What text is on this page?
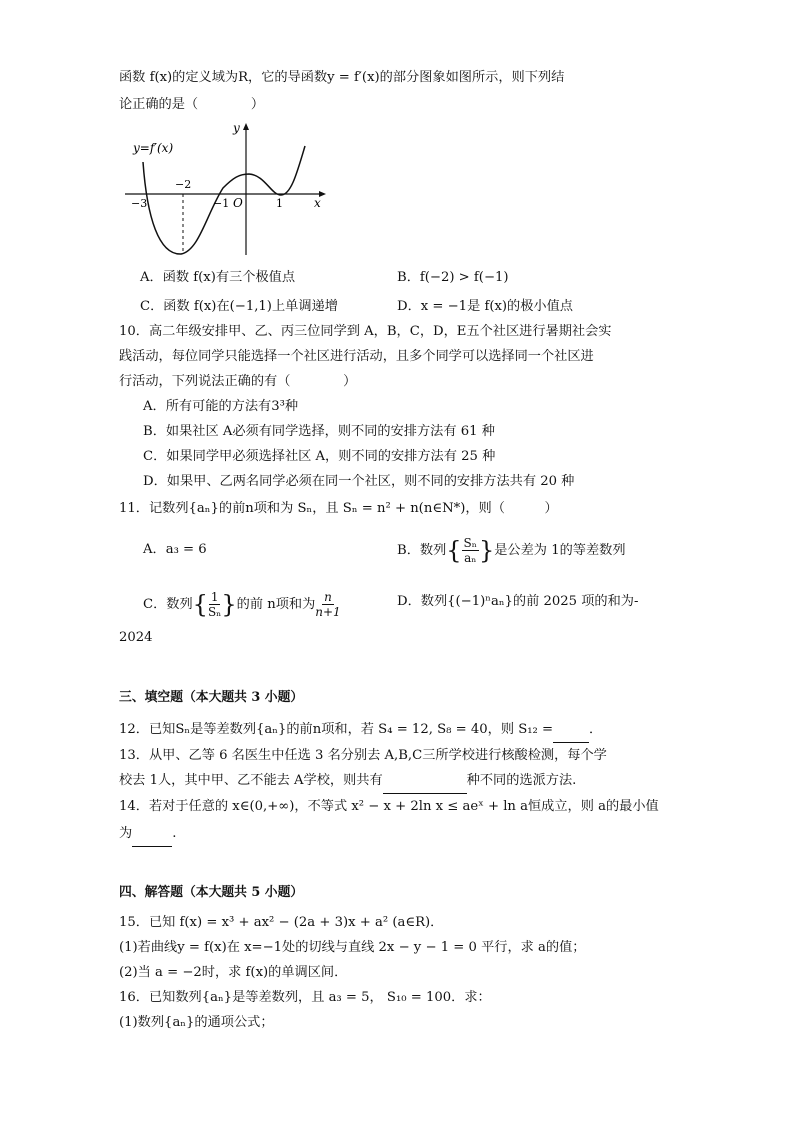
函数 f(x)的定义域为R，它的导函数y = f′(x)的部分图象如图所示，则下列结
论正确的是（　　　　）
y=f′(x)
y
x
O
−3
−2
−1	1
A．函数 f(x)有三个极值点	B．f(−2) > f(−1)
C．函数 f(x)在(−1,1)上单调递增	D．x = −1是 f(x)的极小值点
10．高二年级安排甲、乙、丙三位同学到 A，B，C，D，E五个社区进行暑期社会实
践活动，每位同学只能选择一个社区进行活动，且多个同学可以选择同一个社区进
行活动，下列说法正确的有（　　　　）
A．所有可能的方法有3³种
B．如果社区 A必须有同学选择，则不同的安排方法有 61 种
C．如果同学甲必须选择社区 A，则不同的安排方法有 25 种
D．如果甲、乙两名同学必须在同一个社区，则不同的安排方法共有 20 种
11．记数列{aₙ}的前n项和为 Sₙ，且 Sₙ = n² + n(n∈N*)，则（　　　）
A．a₃ = 6	B．数列{ $\frac{\text{Sₙ}}{\text{aₙ}}$ }是公差为 1的等差数列
C．数列{ $\frac{1}{\text{Sₙ}}$ }的前 n项和为 $\frac{n}{n+1}$	D．数列{(−1)ⁿaₙ}的前 2025 项的和为-
2024
三、填空题（本大题共 3 小题）
12．已知Sₙ是等差数列{aₙ}的前n项和，若 S₄ = 12, S₈ = 40，则 S₁₂ =	．
13．从甲、乙等 6 名医生中任选 3 名分别去 A,B,C三所学校进行核酸检测，每个学
校去 1人，其中甲、乙不能去 A学校，则共有	种不同的选派方法.
14．若对于任意的 x∈(0,+∞)，不等式 x² − x + 2ln x ≤ aeˣ + ln a恒成立，则 a的最小值
为	.
四、解答题（本大题共 5 小题）
15．已知 f(x) = x³ + ax² − (2a + 3)x + a² (a∈R)．
(1)若曲线y = f(x)在 x=−1处的切线与直线 2x − y − 1 = 0 平行，求 a的值；
(2)当 a = −2时，求 f(x)的单调区间．
16．已知数列{aₙ}是等差数列，且 a₃ = 5， S₁₀ = 100．求：
(1)数列{aₙ}的通项公式；
